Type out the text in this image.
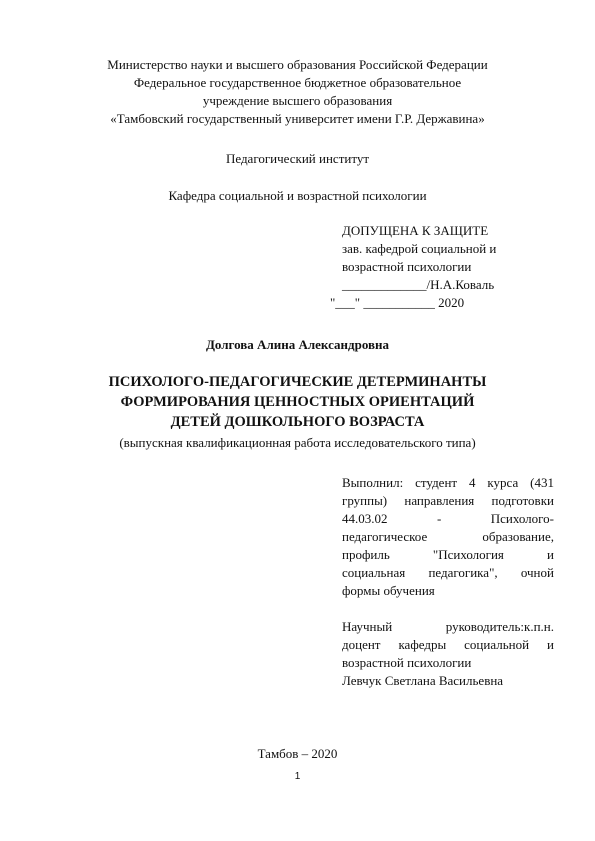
Министерство науки и высшего образования Российской Федерации
Федеральное государственное бюджетное образовательное
учреждение высшего образования
«Тамбовский государственный университет имени Г.Р. Державина»
Педагогический институт
Кафедра социальной и возрастной психологии
ДОПУЩЕНА К ЗАЩИТЕ
зав. кафедрой социальной и
возрастной психологии
_____________/Н.А.Коваль
"___" ___________ 2020
Долгова Алина Александровна
ПСИХОЛОГО-ПЕДАГОГИЧЕСКИЕ ДЕТЕРМИНАНТЫ
ФОРМИРОВАНИЯ ЦЕННОСТНЫХ ОРИЕНТАЦИЙ
ДЕТЕЙ ДОШКОЛЬНОГО ВОЗРАСТА
(выпускная квалификационная работа исследовательского типа)
Выполнил: студент 4 курса (431
группы) направления подготовки
44.03.02	-	Психолого-
педагогическое	образование,
профиль	"Психология	и
социальная педагогика", очной
формы обучения
Научный	руководитель:к.п.н.
доцент кафедры социальной и
возрастной психологии
Левчук Светлана Васильевна
Тамбов – 2020
1
